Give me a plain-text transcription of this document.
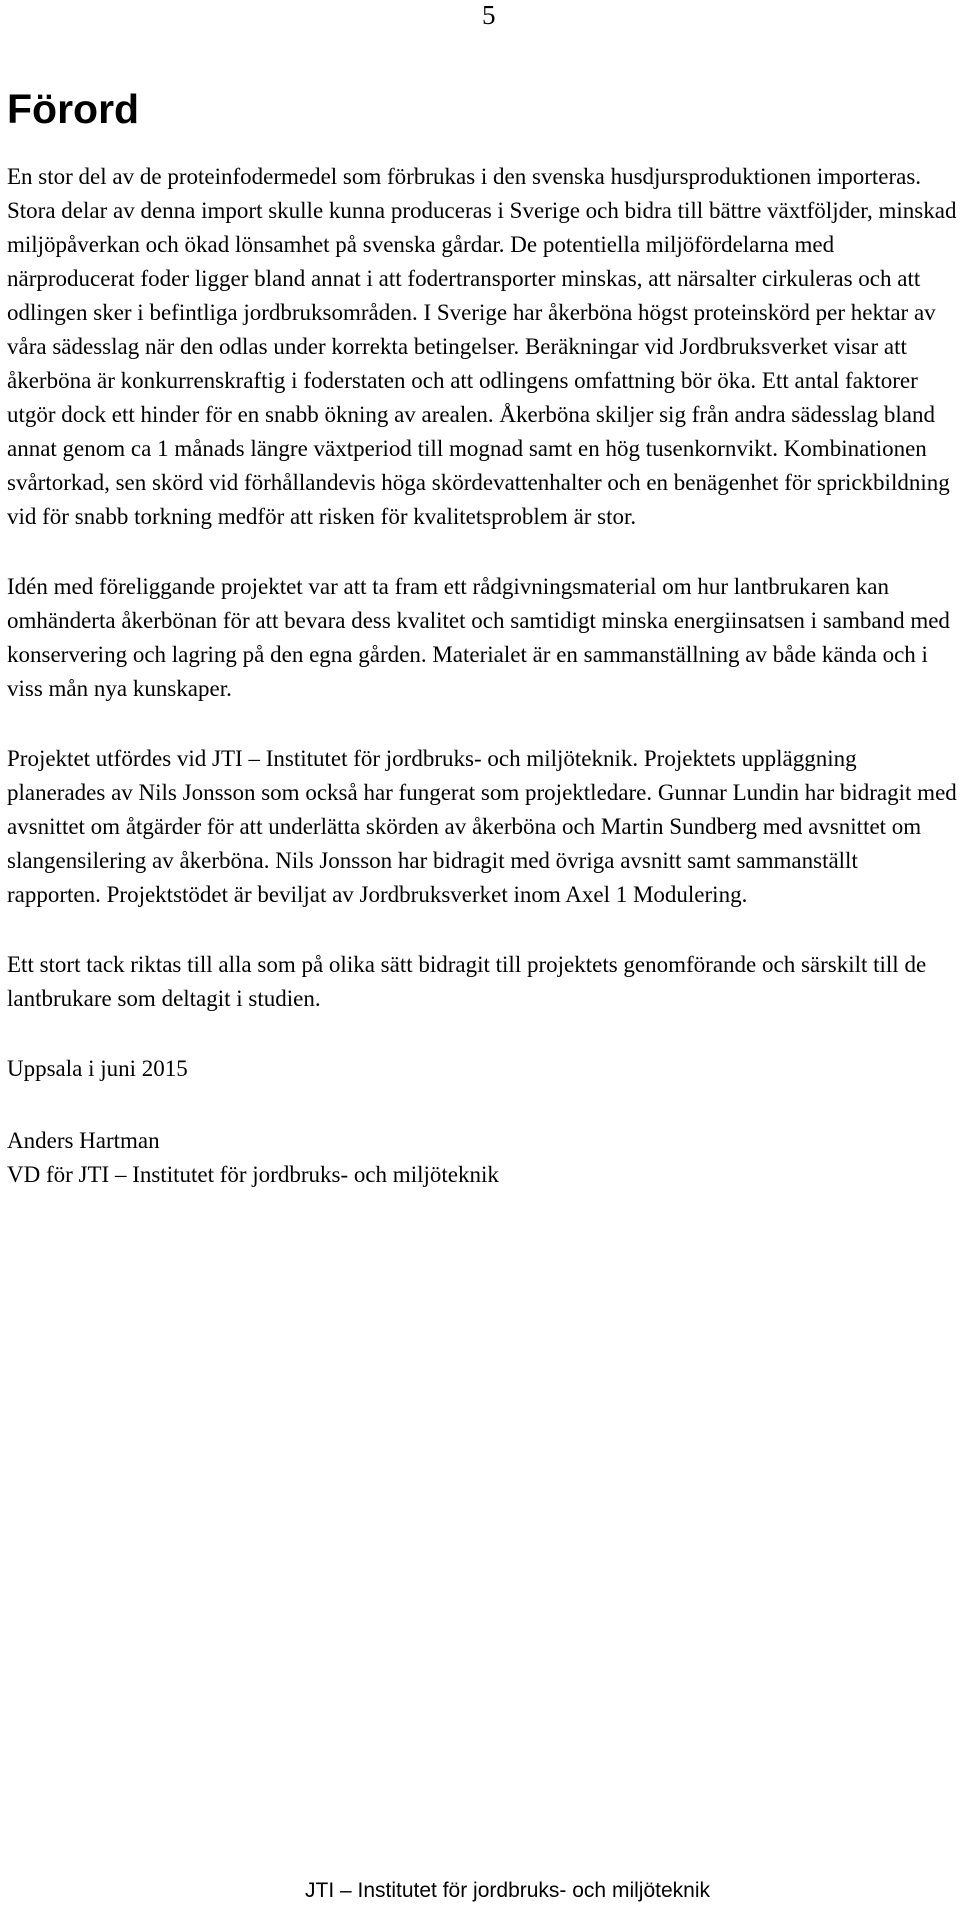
5
Förord

En stor del av de proteinfodermedel som förbrukas i den svenska husdjursproduktionen importeras. Stora delar av denna import skulle kunna produceras i Sverige och bidra till bättre växtföljder, minskad miljöpåverkan och ökad lönsamhet på svenska gårdar. De potentiella miljöfördelarna med närproducerat foder ligger bland annat i att fodertransporter minskas, att närsalter cirkuleras och att odlingen sker i befintliga jordbruksområden. I Sverige har åkerböna högst proteinskörd per hektar av våra sädesslag när den odlas under korrekta betingelser. Beräkningar vid Jordbruksverket visar att åkerböna är konkurrenskraftig i foderstaten och att odlingens omfattning bör öka. Ett antal faktorer utgör dock ett hinder för en snabb ökning av arealen. Åkerböna skiljer sig från andra sädesslag bland annat genom ca 1 månads längre växtperiod till mognad samt en hög tusenkornvikt. Kombinationen svårtorkad, sen skörd vid förhållandevis höga skördevattenhalter och en benägenhet för sprickbildning vid för snabb torkning medför att risken för kvalitetsproblem är stor.

Idén med föreliggande projektet var att ta fram ett rådgivningsmaterial om hur lantbrukaren kan omhänderta åkerbönan för att bevara dess kvalitet och samtidigt minska energiinsatsen i samband med konservering och lagring på den egna gården. Materialet är en sammanställning av både kända och i viss mån nya kunskaper.

Projektet utfördes vid JTI – Institutet för jordbruks- och miljöteknik. Projektets uppläggning planerades av Nils Jonsson som också har fungerat som projektledare. Gunnar Lundin har bidragit med avsnittet om åtgärder för att underlätta skörden av åkerböna och Martin Sundberg med avsnittet om slangensilering av åkerböna. Nils Jonsson har bidragit med övriga avsnitt samt sammanställt rapporten. Projektstödet är beviljat av Jordbruksverket inom Axel 1 Modulering.

Ett stort tack riktas till alla som på olika sätt bidragit till projektets genomförande och särskilt till de lantbrukare som deltagit i studien.

Uppsala i juni 2015

Anders Hartman
VD för JTI – Institutet för jordbruks- och miljöteknik
JTI – Institutet för jordbruks- och miljöteknik
